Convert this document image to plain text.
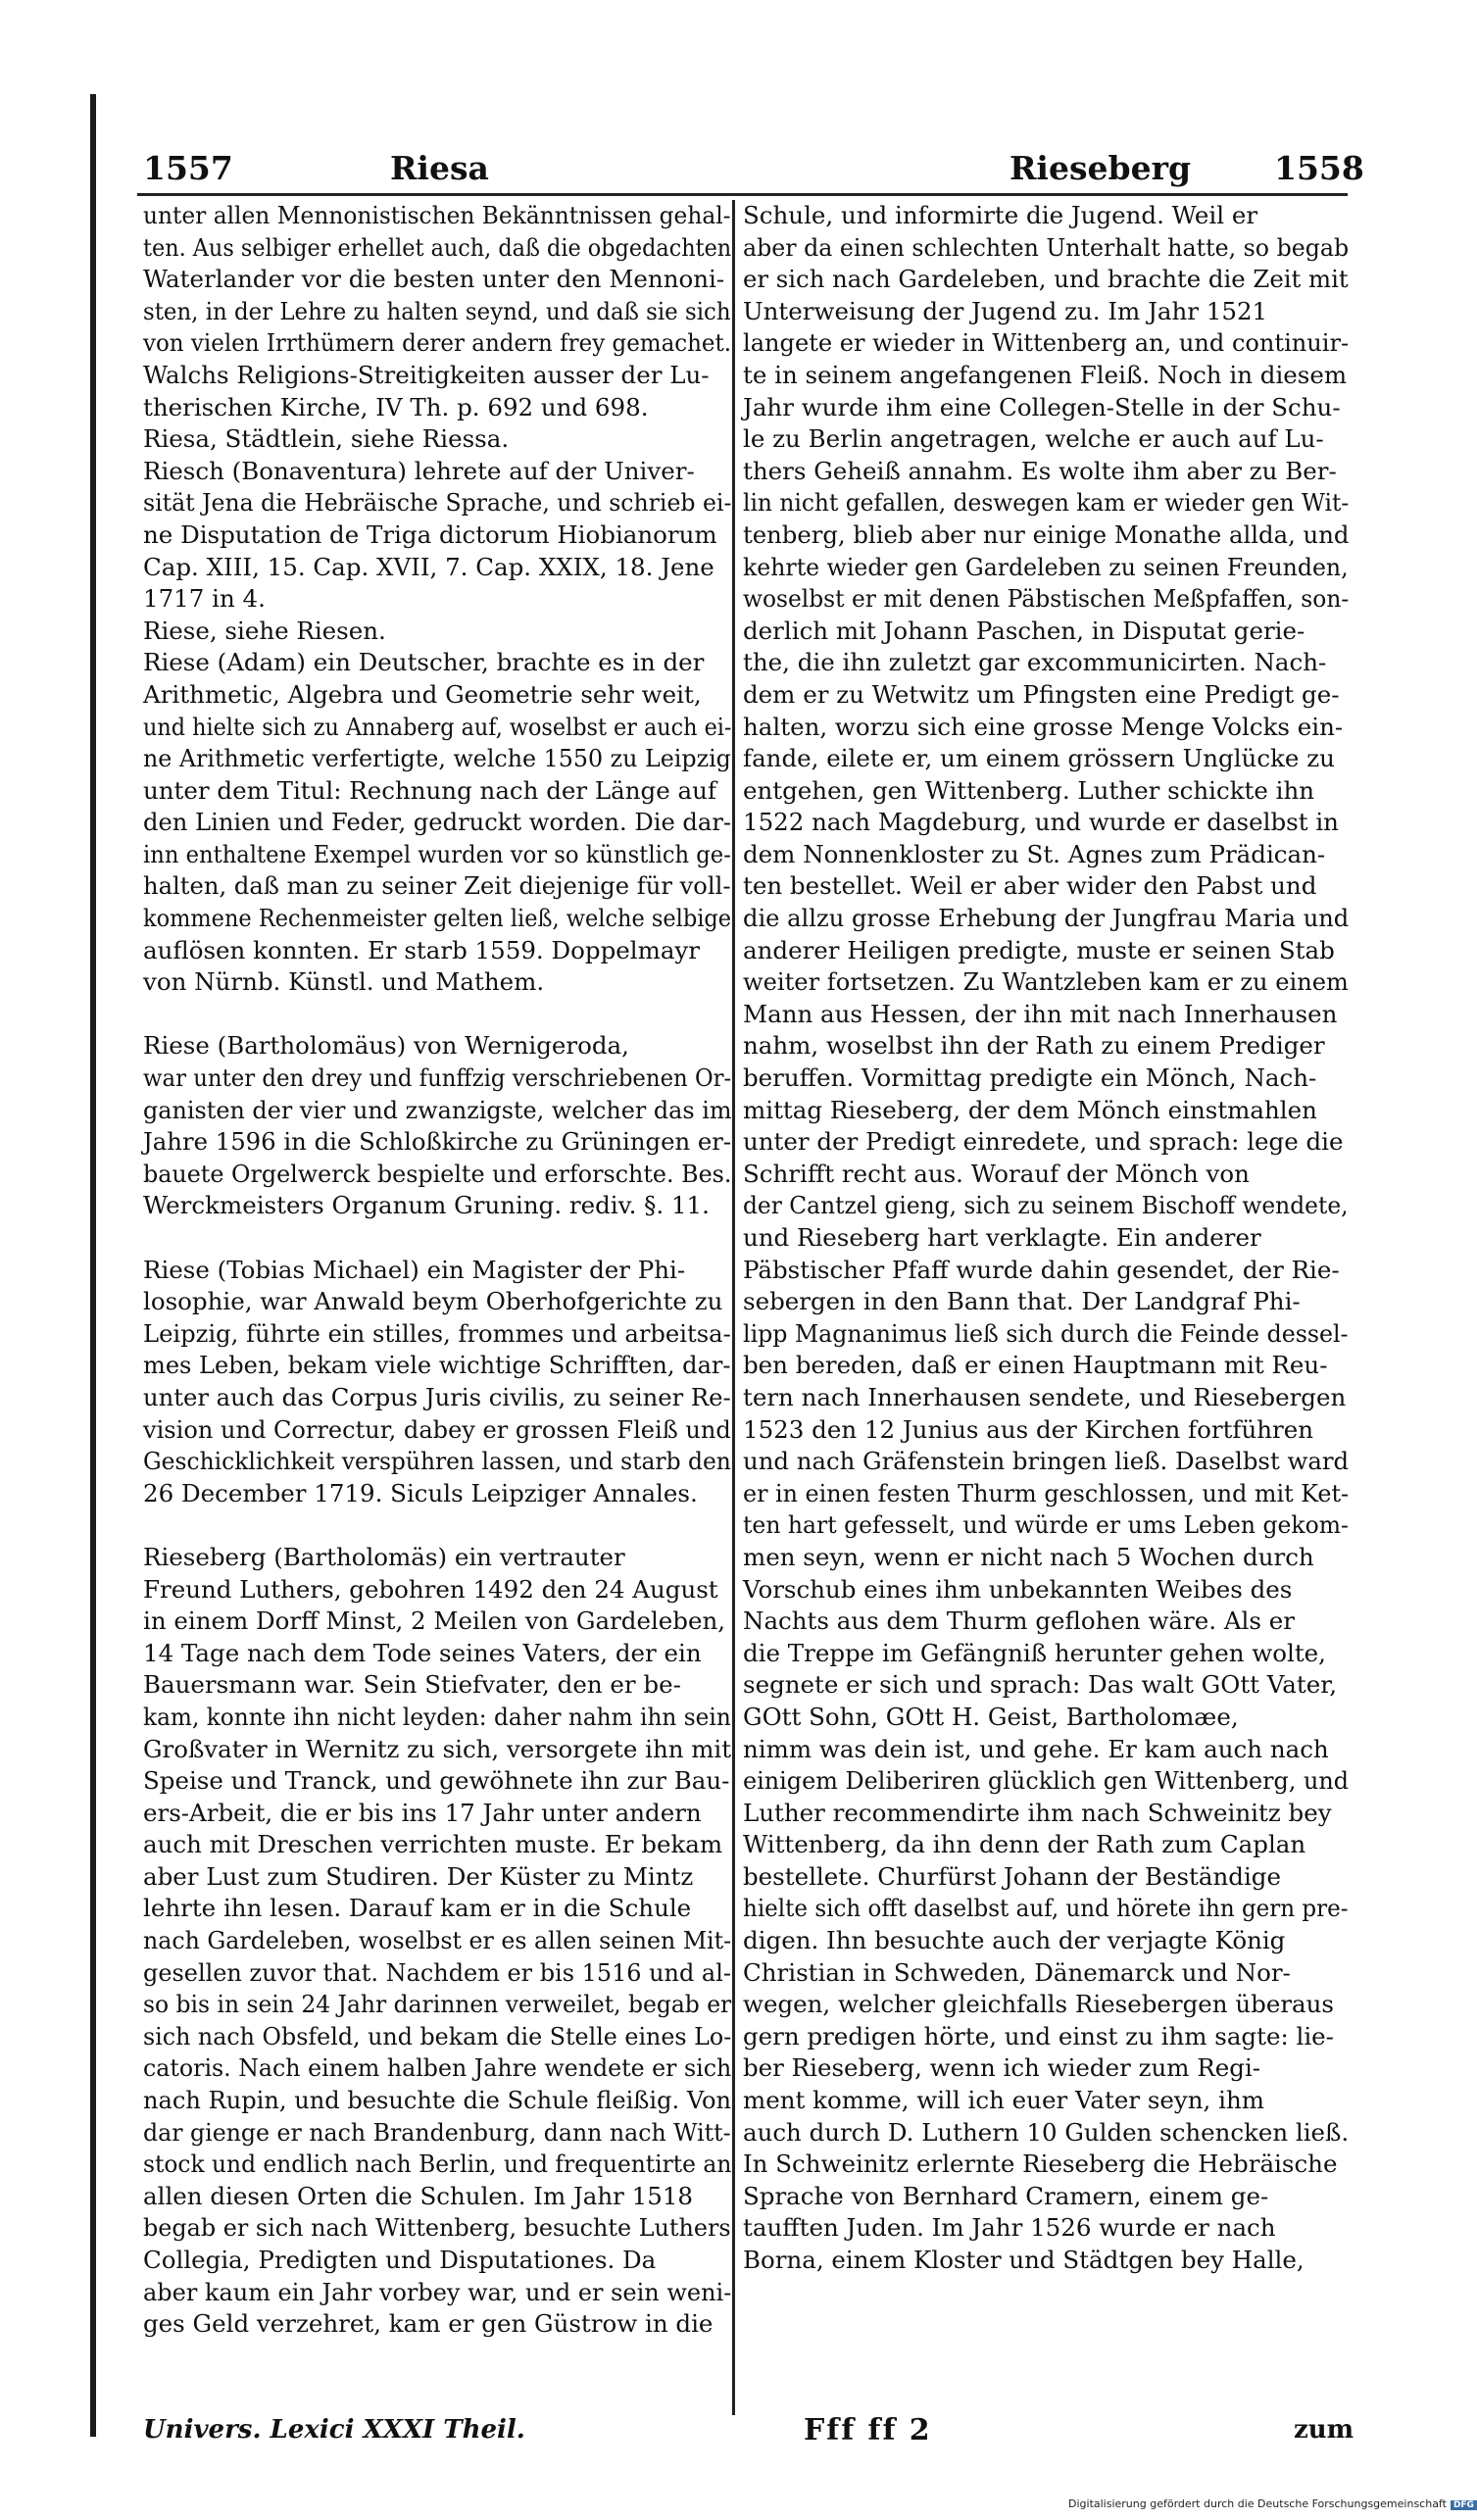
1557	Riesa	Rieseberg	1558

unter allen Mennonistischen Bekänntnissen gehal-

ten. Aus selbiger erhellet auch, daß die obgedachten

Waterlander vor die besten unter den Mennoni-

sten, in der Lehre zu halten seynd, und daß sie sich

von vielen Irrthümern derer andern frey gemachet.

Walchs Religions-Streitigkeiten ausser der Lu-

therischen Kirche, IV Th. p. 692 und 698.

Riesa, Städtlein, siehe Riessa.

Riesch (Bonaventura) lehrete auf der Univer-

sität Jena die Hebräische Sprache, und schrieb ei-

ne Disputation de Triga dictorum Hiobianorum

Cap. XIII, 15. Cap. XVII, 7. Cap. XXIX, 18. Jene

1717 in 4.

Riese, siehe Riesen.

Riese (Adam) ein Deutscher, brachte es in der

Arithmetic, Algebra und Geometrie sehr weit,

und hielte sich zu Annaberg auf, woselbst er auch ei-

ne Arithmetic verfertigte, welche 1550 zu Leipzig

unter dem Titul: Rechnung nach der Länge auf

den Linien und Feder, gedruckt worden. Die dar-

inn enthaltene Exempel wurden vor so künstlich ge-

halten, daß man zu seiner Zeit diejenige für voll-

kommene Rechenmeister gelten ließ, welche selbige

auflösen konnten. Er starb 1559. Doppelmayr

von Nürnb. Künstl. und Mathem.

Riese (Bartholomäus) von Wernigeroda,

war unter den drey und funffzig verschriebenen Or-

ganisten der vier und zwanzigste, welcher das im

Jahre 1596 in die Schloßkirche zu Grüningen er-

bauete Orgelwerck bespielte und erforschte. Bes.

Werckmeisters Organum Gruning. rediv. §. 11.

Riese (Tobias Michael) ein Magister der Phi-

losophie, war Anwald beym Oberhofgerichte zu

Leipzig, führte ein stilles, frommes und arbeitsa-

mes Leben, bekam viele wichtige Schrifften, dar-

unter auch das Corpus Juris civilis, zu seiner Re-

vision und Correctur, dabey er grossen Fleiß und

Geschicklichkeit verspühren lassen, und starb den

26 December 1719. Siculs Leipziger Annales.

Rieseberg (Bartholomäs) ein vertrauter

Freund Luthers, gebohren 1492 den 24 August

in einem Dorff Minst, 2 Meilen von Gardeleben,

14 Tage nach dem Tode seines Vaters, der ein

Bauersmann war. Sein Stiefvater, den er be-

kam, konnte ihn nicht leyden: daher nahm ihn sein

Großvater in Wernitz zu sich, versorgete ihn mit

Speise und Tranck, und gewöhnete ihn zur Bau-

ers-Arbeit, die er bis ins 17 Jahr unter andern

auch mit Dreschen verrichten muste. Er bekam

aber Lust zum Studiren. Der Küster zu Mintz

lehrte ihn lesen. Darauf kam er in die Schule

nach Gardeleben, woselbst er es allen seinen Mit-

gesellen zuvor that. Nachdem er bis 1516 und al-

so bis in sein 24 Jahr darinnen verweilet, begab er

sich nach Obsfeld, und bekam die Stelle eines Lo-

catoris. Nach einem halben Jahre wendete er sich

nach Rupin, und besuchte die Schule fleißig. Von

dar gienge er nach Brandenburg, dann nach Witt-

stock und endlich nach Berlin, und frequentirte an

allen diesen Orten die Schulen. Im Jahr 1518

begab er sich nach Wittenberg, besuchte Luthers

Collegia, Predigten und Disputationes. Da

aber kaum ein Jahr vorbey war, und er sein weni-

ges Geld verzehret, kam er gen Güstrow in die

Schule, und informirte die Jugend. Weil er

aber da einen schlechten Unterhalt hatte, so begab

er sich nach Gardeleben, und brachte die Zeit mit

Unterweisung der Jugend zu. Im Jahr 1521

langete er wieder in Wittenberg an, und continuir-

te in seinem angefangenen Fleiß. Noch in diesem

Jahr wurde ihm eine Collegen-Stelle in der Schu-

le zu Berlin angetragen, welche er auch auf Lu-

thers Geheiß annahm. Es wolte ihm aber zu Ber-

lin nicht gefallen, deswegen kam er wieder gen Wit-

tenberg, blieb aber nur einige Monathe allda, und

kehrte wieder gen Gardeleben zu seinen Freunden,

woselbst er mit denen Päbstischen Meßpfaffen, son-

derlich mit Johann Paschen, in Disputat gerie-

the, die ihn zuletzt gar excommunicirten. Nach-

dem er zu Wetwitz um Pfingsten eine Predigt ge-

halten, worzu sich eine grosse Menge Volcks ein-

fande, eilete er, um einem grössern Unglücke zu

entgehen, gen Wittenberg. Luther schickte ihn

1522 nach Magdeburg, und wurde er daselbst in

dem Nonnenkloster zu St. Agnes zum Prädican-

ten bestellet. Weil er aber wider den Pabst und

die allzu grosse Erhebung der Jungfrau Maria und

anderer Heiligen predigte, muste er seinen Stab

weiter fortsetzen. Zu Wantzleben kam er zu einem

Mann aus Hessen, der ihn mit nach Innerhausen

nahm, woselbst ihn der Rath zu einem Prediger

beruffen. Vormittag predigte ein Mönch, Nach-

mittag Rieseberg, der dem Mönch einstmahlen

unter der Predigt einredete, und sprach: lege die

Schrifft recht aus. Worauf der Mönch von

der Cantzel gieng, sich zu seinem Bischoff wendete,

und Rieseberg hart verklagte. Ein anderer

Päbstischer Pfaff wurde dahin gesendet, der Rie-

sebergen in den Bann that. Der Landgraf Phi-

lipp Magnanimus ließ sich durch die Feinde dessel-

ben bereden, daß er einen Hauptmann mit Reu-

tern nach Innerhausen sendete, und Riesebergen

1523 den 12 Junius aus der Kirchen fortführen

und nach Gräfenstein bringen ließ. Daselbst ward

er in einen festen Thurm geschlossen, und mit Ket-

ten hart gefesselt, und würde er ums Leben gekom-

men seyn, wenn er nicht nach 5 Wochen durch

Vorschub eines ihm unbekannten Weibes des

Nachts aus dem Thurm geflohen wäre. Als er

die Treppe im Gefängniß herunter gehen wolte,

segnete er sich und sprach: Das walt GOtt Vater,

GOtt Sohn, GOtt H. Geist, Bartholomæe,

nimm was dein ist, und gehe. Er kam auch nach

einigem Deliberiren glücklich gen Wittenberg, und

Luther recommendirte ihm nach Schweinitz bey

Wittenberg, da ihn denn der Rath zum Caplan

bestellete. Churfürst Johann der Beständige

hielte sich offt daselbst auf, und hörete ihn gern pre-

digen. Ihn besuchte auch der verjagte König

Christian in Schweden, Dänemarck und Nor-

wegen, welcher gleichfalls Riesebergen überaus

gern predigen hörte, und einst zu ihm sagte: lie-

ber Rieseberg, wenn ich wieder zum Regi-

ment komme, will ich euer Vater seyn, ihm

auch durch D. Luthern 10 Gulden schencken ließ.

In Schweinitz erlernte Rieseberg die Hebräische

Sprache von Bernhard Cramern, einem ge-

taufften Juden. Im Jahr 1526 wurde er nach

Borna, einem Kloster und Städtgen bey Halle,

Univers. Lexici XXXI Theil.	Fff ff 2	zum
Digitalisierung gefördert durch die Deutsche Forschungsgemeinschaft DFG
